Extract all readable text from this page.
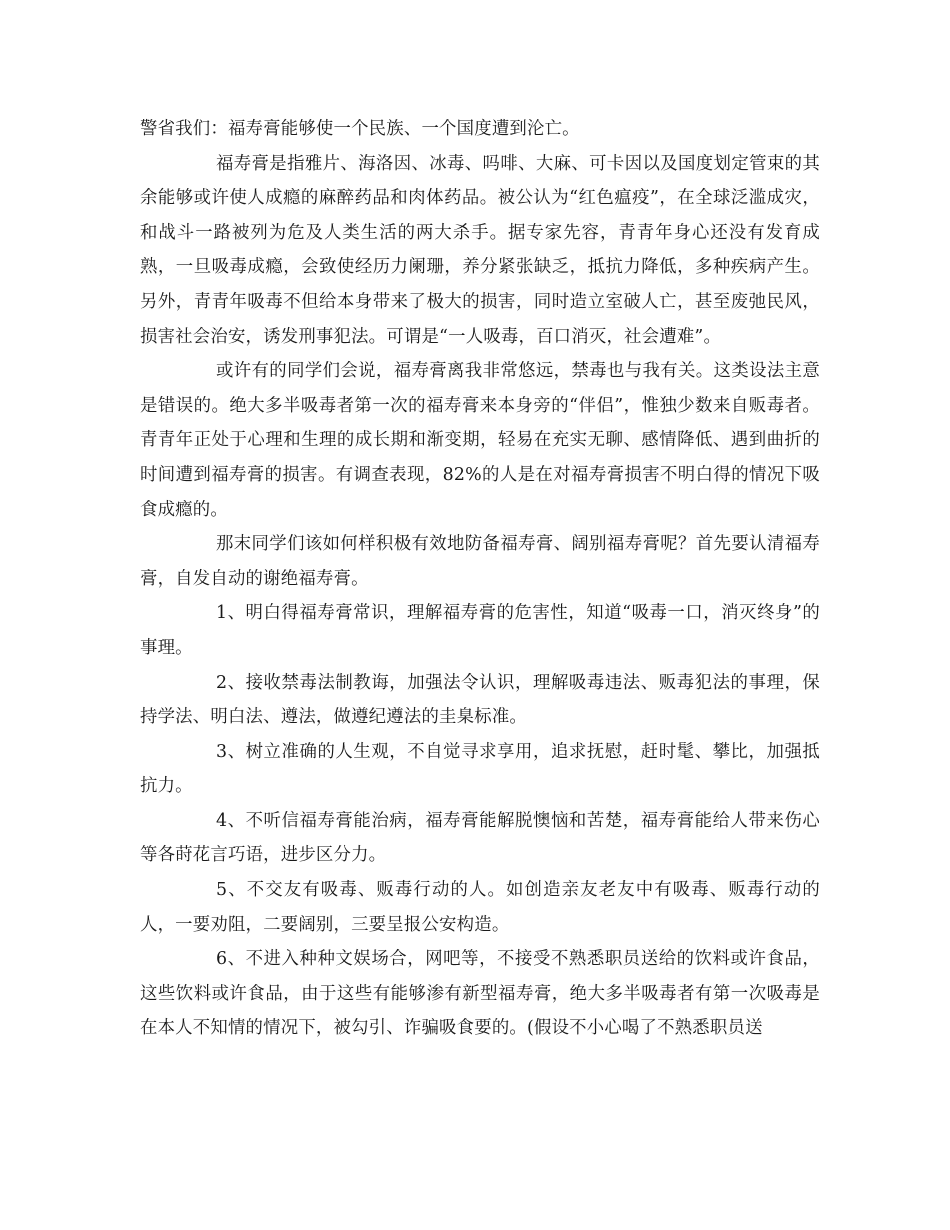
警省我们：福寿膏能够使一个民族、一个国度遭到沦亡。

福寿膏是指雅片、海洛因、冰毒、吗啡、大麻、可卡因以及国度划定管束的其余能够或许使人成瘾的麻醉药品和肉体药品。被公认为“红色瘟疫”，在全球泛滥成灾，和战斗一路被列为危及人类生活的两大杀手。据专家先容，青青年身心还没有发育成熟，一旦吸毒成瘾，会致使经历力阑珊，养分紧张缺乏，抵抗力降低，多种疾病产生。另外，青青年吸毒不但给本身带来了极大的损害，同时造立室破人亡，甚至废弛民风，损害社会治安，诱发刑事犯法。可谓是“一人吸毒，百口消灭，社会遭难”。

或许有的同学们会说，福寿膏离我非常悠远，禁毒也与我有关。这类设法主意是错误的。绝大多半吸毒者第一次的福寿膏来本身旁的“伴侣”，惟独少数来自贩毒者。青青年正处于心理和生理的成长期和渐变期，轻易在充实无聊、感情降低、遇到曲折的时间遭到福寿膏的损害。有调查表现，82%的人是在对福寿膏损害不明白得的情况下吸食成瘾的。

那末同学们该如何样积极有效地防备福寿膏、阔别福寿膏呢？首先要认清福寿膏，自发自动的谢绝福寿膏。

1、明白得福寿膏常识，理解福寿膏的危害性，知道“吸毒一口，消灭终身”的事理。

2、接收禁毒法制教诲，加强法令认识，理解吸毒违法、贩毒犯法的事理，保持学法、明白法、遵法，做遵纪遵法的圭臬标准。

3、树立准确的人生观，不自觉寻求享用，追求抚慰，赶时髦、攀比，加强抵抗力。

4、不听信福寿膏能治病，福寿膏能解脱懊恼和苦楚，福寿膏能给人带来伤心等各莳花言巧语，进步区分力。

5、不交友有吸毒、贩毒行动的人。如创造亲友老友中有吸毒、贩毒行动的人，一要劝阻，二要阔别，三要呈报公安构造。

6、不进入种种文娱场合，网吧等，不接受不熟悉职员送给的饮料或许食品，这些饮料或许食品，由于这些有能够渗有新型福寿膏，绝大多半吸毒者有第一次吸毒是在本人不知情的情况下，被勾引、诈骗吸食要的。(假设不小心喝了不熟悉职员送
